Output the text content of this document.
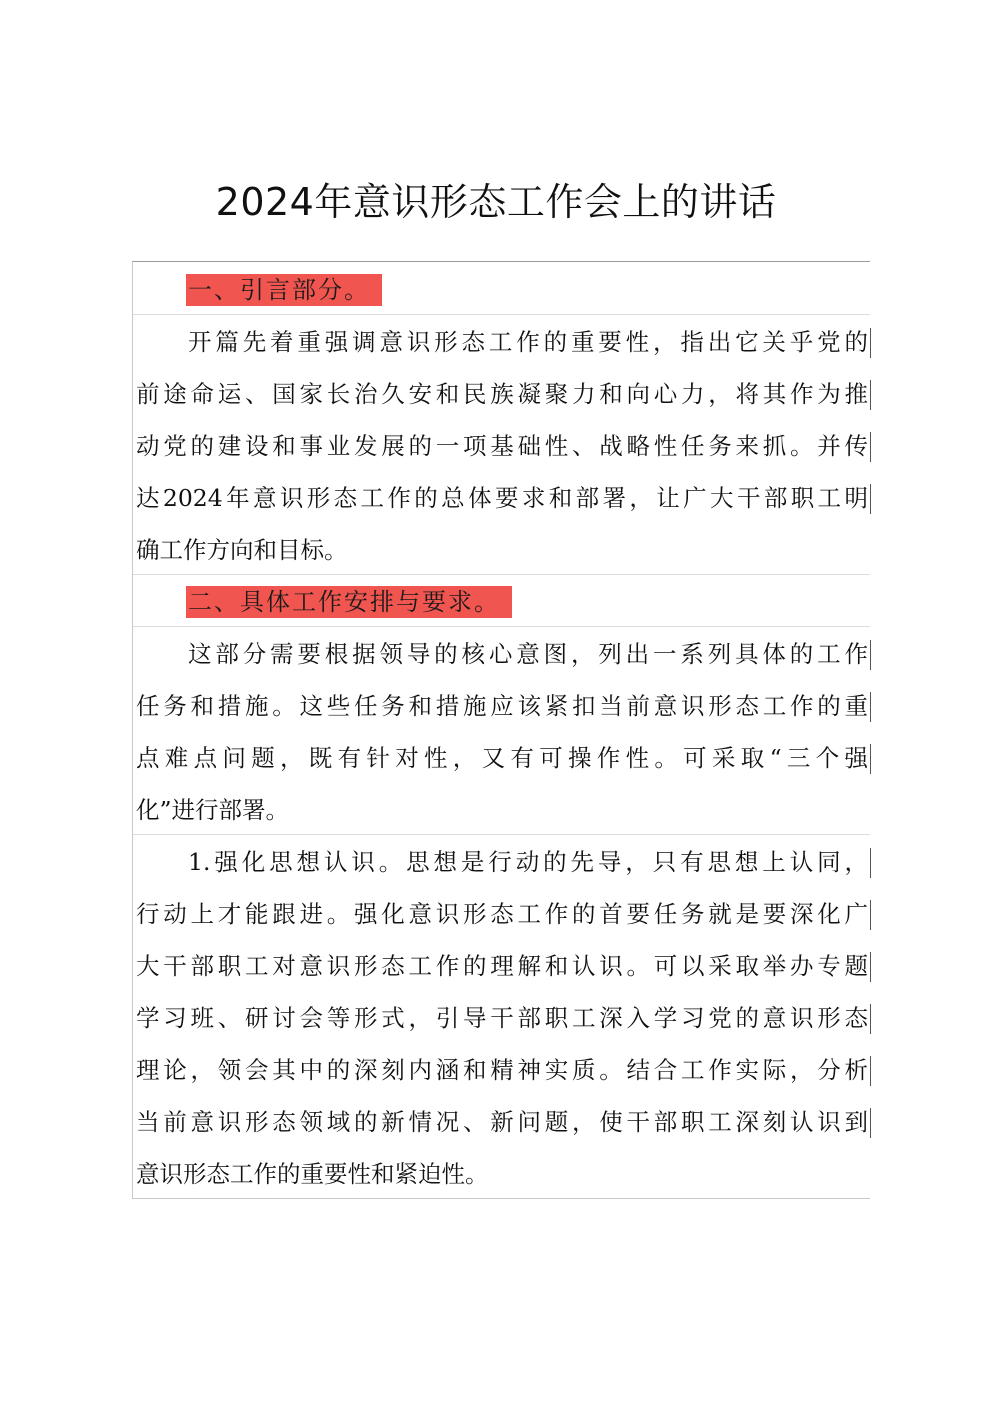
2024年意识形态工作会上的讲话
一、引言部分。
开篇先着重强调意识形态工作的重要性，指出它关乎党的
前途命运、国家长治久安和民族凝聚力和向心力，将其作为推
动党的建设和事业发展的一项基础性、战略性任务来抓。并传
达2024年意识形态工作的总体要求和部署，让广大干部职工明
确工作方向和目标。
二、具体工作安排与要求。
这部分需要根据领导的核心意图，列出一系列具体的工作
任务和措施。这些任务和措施应该紧扣当前意识形态工作的重
点难点问题，既有针对性，又有可操作性。可采取“三个强
化”进行部署。
1.强化思想认识。思想是行动的先导，只有思想上认同，
行动上才能跟进。强化意识形态工作的首要任务就是要深化广
大干部职工对意识形态工作的理解和认识。可以采取举办专题
学习班、研讨会等形式，引导干部职工深入学习党的意识形态
理论，领会其中的深刻内涵和精神实质。结合工作实际，分析
当前意识形态领域的新情况、新问题，使干部职工深刻认识到
意识形态工作的重要性和紧迫性。
